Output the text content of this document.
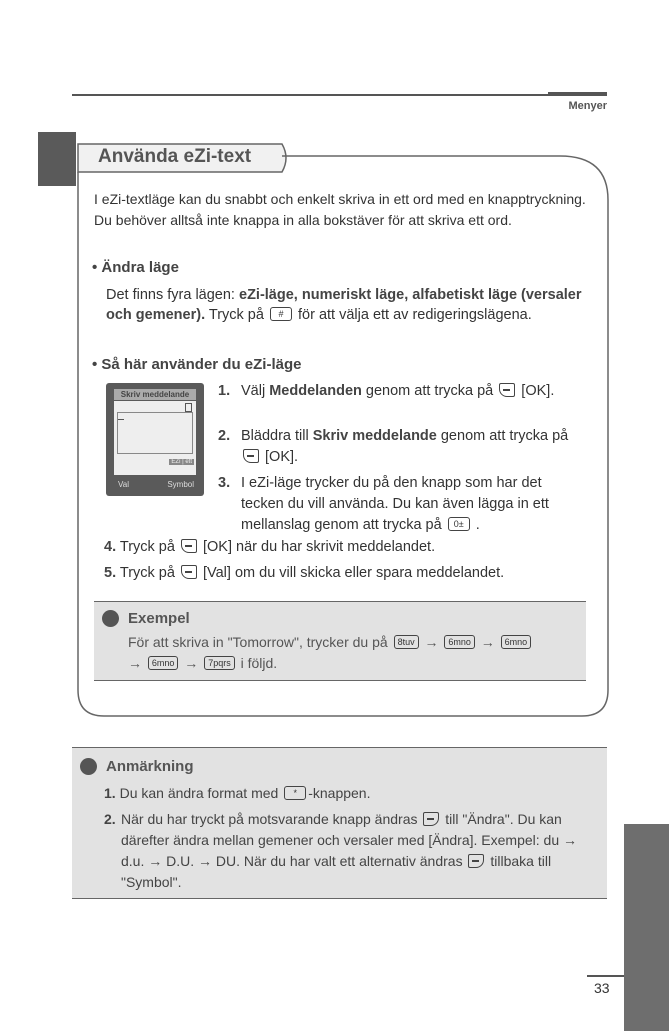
Menyer
Använda eZi-text
I eZi-textläge kan du snabbt och enkelt skriva in ett ord med en knapptryckning. Du behöver alltså inte knappa in alla bokstäver för att skriva ett ord.
• Ändra läge
Det finns fyra lägen: eZi-läge, numeriskt läge, alfabetiskt läge (versaler och gemener). Tryck på # för att välja ett av redigeringslägena.
• Så här använder du eZi-läge
Skriv meddelande
EZi | ett
Val	Symbol
1. Välj Meddelanden genom att trycka på  [OK].
2. Bläddra till Skriv meddelande genom att trycka på  [OK].
3. I eZi-läge trycker du på den knapp som har det tecken du vill använda. Du kan även lägga in ett mellanslag genom att trycka på 0± .
4. Tryck på  [OK] när du har skrivit meddelandet.
5. Tryck på  [Val] om du vill skicka eller spara meddelandet.
Exempel
För att skriva in "Tomorrow", trycker du på 8tuv → 6mno → 6mno
→ 6mno → 7pqrs i följd.
Anmärkning
1. Du kan ändra format med * -knappen.
2. När du har tryckt på motsvarande knapp ändras  till "Ändra". Du kan därefter ändra mellan gemener och versaler med [Ändra]. Exempel: du → d.u. → D.U. → DU. När du har valt ett alternativ ändras  tillbaka till "Symbol".
33
